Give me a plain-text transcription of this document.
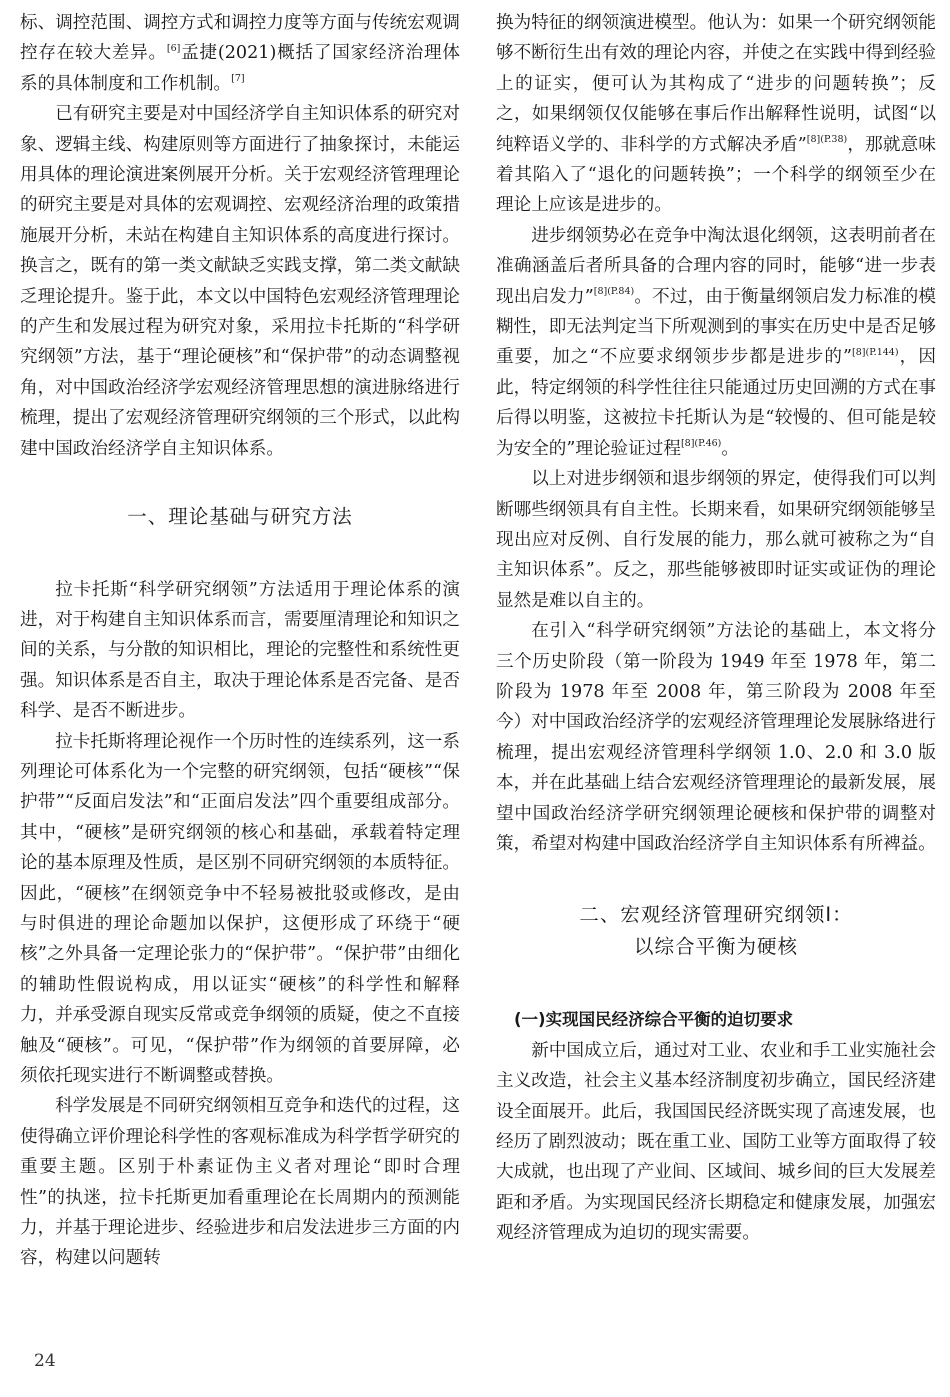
标、调控范围、调控方式和调控力度等方面与传统宏观调控存在较大差异。[6]孟捷(2021)概括了国家经济治理体系的具体制度和工作机制。[7]

已有研究主要是对中国经济学自主知识体系的研究对象、逻辑主线、构建原则等方面进行了抽象探讨，未能运用具体的理论演进案例展开分析。关于宏观经济管理理论的研究主要是对具体的宏观调控、宏观经济治理的政策措施展开分析，未站在构建自主知识体系的高度进行探讨。换言之，既有的第一类文献缺乏实践支撑，第二类文献缺乏理论提升。鉴于此，本文以中国特色宏观经济管理理论的产生和发展过程为研究对象，采用拉卡托斯的“科学研究纲领”方法，基于“理论硬核”和“保护带”的动态调整视角，对中国政治经济学宏观经济管理思想的演进脉络进行梳理，提出了宏观经济管理研究纲领的三个形式，以此构建中国政治经济学自主知识体系。

一、理论基础与研究方法

拉卡托斯“科学研究纲领”方法适用于理论体系的演进，对于构建自主知识体系而言，需要厘清理论和知识之间的关系，与分散的知识相比，理论的完整性和系统性更强。知识体系是否自主，取决于理论体系是否完备、是否科学、是否不断进步。

拉卡托斯将理论视作一个历时性的连续系列，这一系列理论可体系化为一个完整的研究纲领，包括“硬核”“保护带”“反面启发法”和“正面启发法”四个重要组成部分。其中，“硬核”是研究纲领的核心和基础，承载着特定理论的基本原理及性质，是区别不同研究纲领的本质特征。因此，“硬核”在纲领竞争中不轻易被批驳或修改，是由与时俱进的理论命题加以保护，这便形成了环绕于“硬核”之外具备一定理论张力的“保护带”。“保护带”由细化的辅助性假说构成，用以证实“硬核”的科学性和解释力，并承受源自现实反常或竞争纲领的质疑，使之不直接触及“硬核”。可见，“保护带”作为纲领的首要屏障，必须依托现实进行不断调整或替换。

科学发展是不同研究纲领相互竞争和迭代的过程，这使得确立评价理论科学性的客观标准成为科学哲学研究的重要主题。区别于朴素证伪主义者对理论“即时合理性”的执迷，拉卡托斯更加看重理论在长周期内的预测能力，并基于理论进步、经验进步和启发法进步三方面的内容，构建以问题转

换为特征的纲领演进模型。他认为：如果一个研究纲领能够不断衍生出有效的理论内容，并使之在实践中得到经验上的证实，便可认为其构成了“进步的问题转换”；反之，如果纲领仅仅能够在事后作出解释性说明，试图“以纯粹语义学的、非科学的方式解决矛盾”$^{[8](P.38)}$，那就意味着其陷入了“退化的问题转换”；一个科学的纲领至少在理论上应该是进步的。

进步纲领势必在竞争中淘汰退化纲领，这表明前者在准确涵盖后者所具备的合理内容的同时，能够“进一步表现出启发力”$^{[8](P.84)}$。不过，由于衡量纲领启发力标准的模糊性，即无法判定当下所观测到的事实在历史中是否足够重要，加之“不应要求纲领步步都是进步的”$^{[8](P.144)}$，因此，特定纲领的科学性往往只能通过历史回溯的方式在事后得以明鉴，这被拉卡托斯认为是“较慢的、但可能是较为安全的”理论验证过程$^{[8](P.46)}$。

以上对进步纲领和退步纲领的界定，使得我们可以判断哪些纲领具有自主性。长期来看，如果研究纲领能够呈现出应对反例、自行发展的能力，那么就可被称之为“自主知识体系”。反之，那些能够被即时证实或证伪的理论显然是难以自主的。

在引入“科学研究纲领”方法论的基础上，本文将分三个历史阶段（第一阶段为 1949 年至 1978 年，第二阶段为 1978 年至 2008 年，第三阶段为 2008 年至今）对中国政治经济学的宏观经济管理理论发展脉络进行梳理，提出宏观经济管理科学纲领 1.0、2.0 和 3.0 版本，并在此基础上结合宏观经济管理理论的最新发展，展望中国政治经济学研究纲领理论硬核和保护带的调整对策，希望对构建中国政治经济学自主知识体系有所裨益。

二、宏观经济管理研究纲领Ⅰ：
以综合平衡为硬核
(一)实现国民经济综合平衡的迫切要求

新中国成立后，通过对工业、农业和手工业实施社会主义改造，社会主义基本经济制度初步确立，国民经济建设全面展开。此后，我国国民经济既实现了高速发展，也经历了剧烈波动；既在重工业、国防工业等方面取得了较大成就，也出现了产业间、区域间、城乡间的巨大发展差距和矛盾。为实现国民经济长期稳定和健康发展，加强宏观经济管理成为迫切的现实需要。

24
